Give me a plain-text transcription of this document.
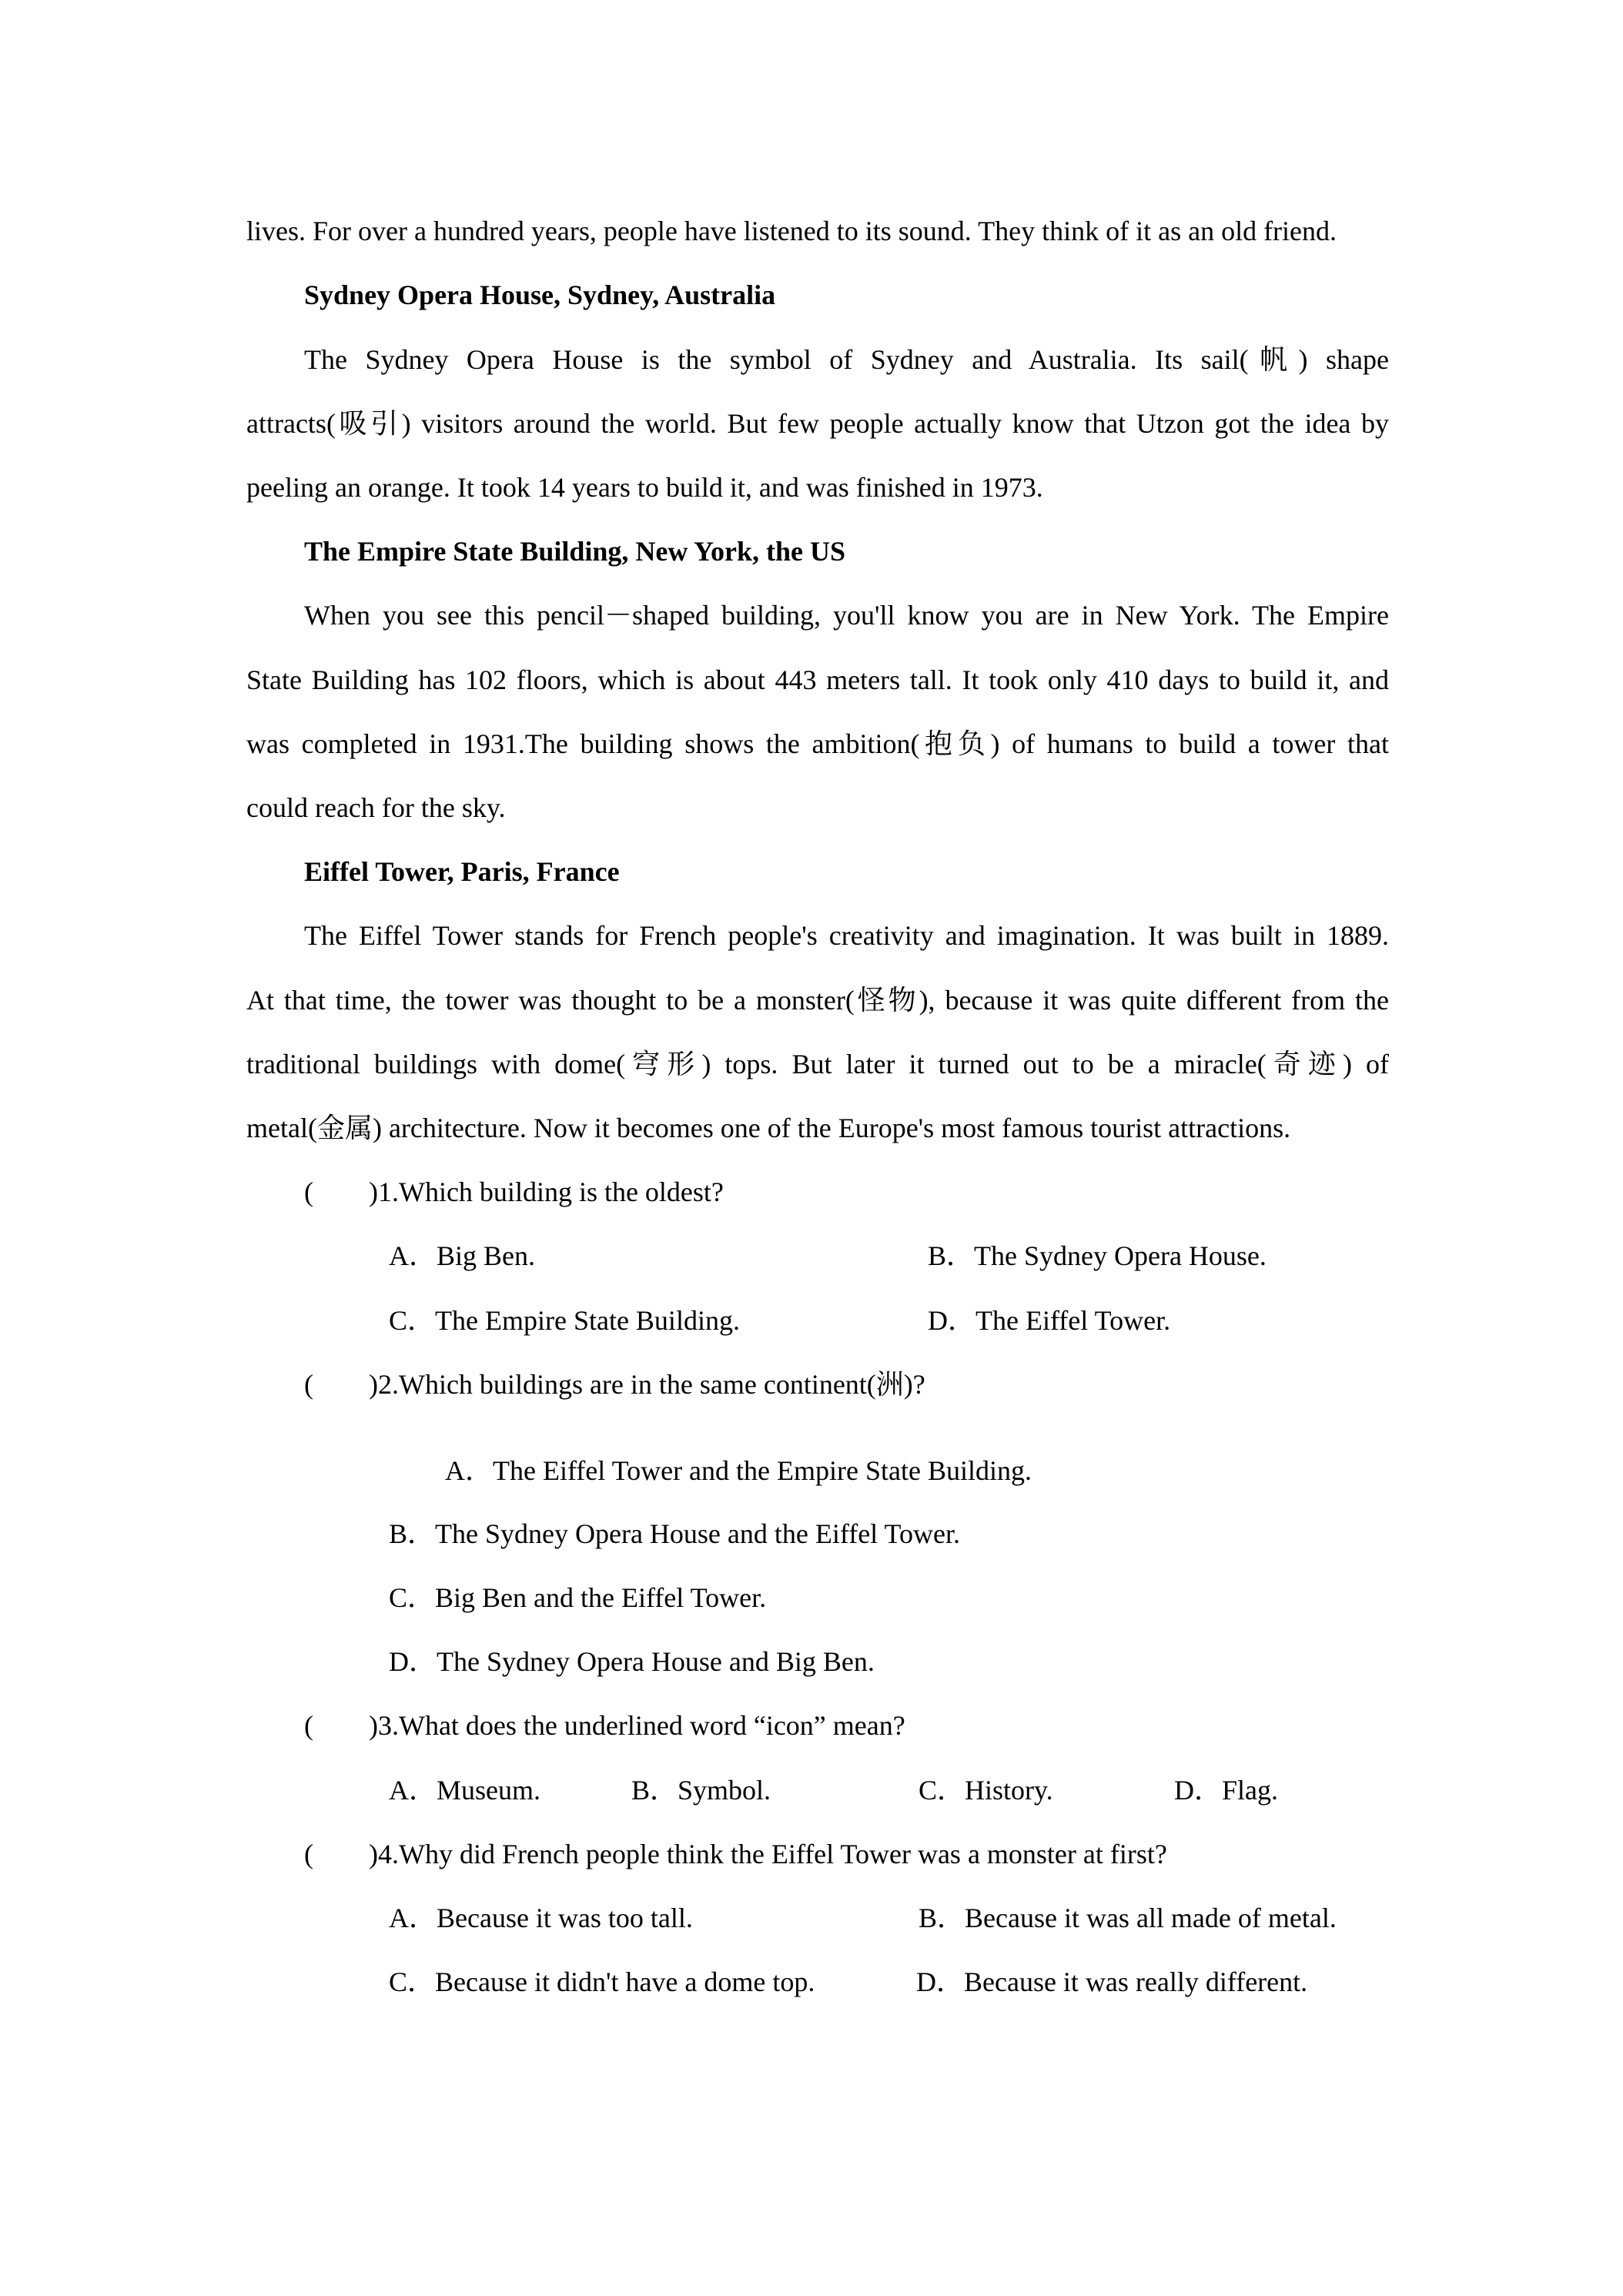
lives. For over a hundred years, people have listened to its sound. They think of it as an old friend.
Sydney Opera House, Sydney, Australia
The Sydney Opera House is the symbol of Sydney and Australia. Its sail(帆) shape
attracts(吸引) visitors around the world. But few people actually know that Utzon got the idea by
peeling an orange. It took 14 years to build it, and was finished in 1973.
The Empire State Building, New York, the US
When you see this pencil－shaped building, you'll know you are in New York. The Empire
State Building has 102 floors, which is about 443 meters tall. It took only 410 days to build it, and
was completed in 1931.The building shows the ambition(抱负) of humans to build a tower that
could reach for the sky.
Eiffel Tower, Paris, France
The Eiffel Tower stands for French people's creativity and imagination. It was built in 1889.
At that time, the tower was thought to be a monster(怪物), because it was quite different from the
traditional buildings with dome(穹形) tops. But later it turned out to be a miracle(奇迹) of
metal(金属) architecture. Now it becomes one of the Europe's most famous tourist attractions.
(　　)1.Which building is the oldest?
A．Big Ben.	B．The Sydney Opera House.
C．The Empire State Building.	D．The Eiffel Tower.
(　　)2.Which buildings are in the same continent(洲)?
A．The Eiffel Tower and the Empire State Building.
B．The Sydney Opera House and the Eiffel Tower.
C．Big Ben and the Eiffel Tower.
D．The Sydney Opera House and Big Ben.
(　　)3.What does the underlined word “icon” mean?
A．Museum.	B．Symbol.	C．History.	D．Flag.
(　　)4.Why did French people think the Eiffel Tower was a monster at first?
A．Because it was too tall.	B．Because it was all made of metal.
C．Because it didn't have a dome top.	D．Because it was really different.
